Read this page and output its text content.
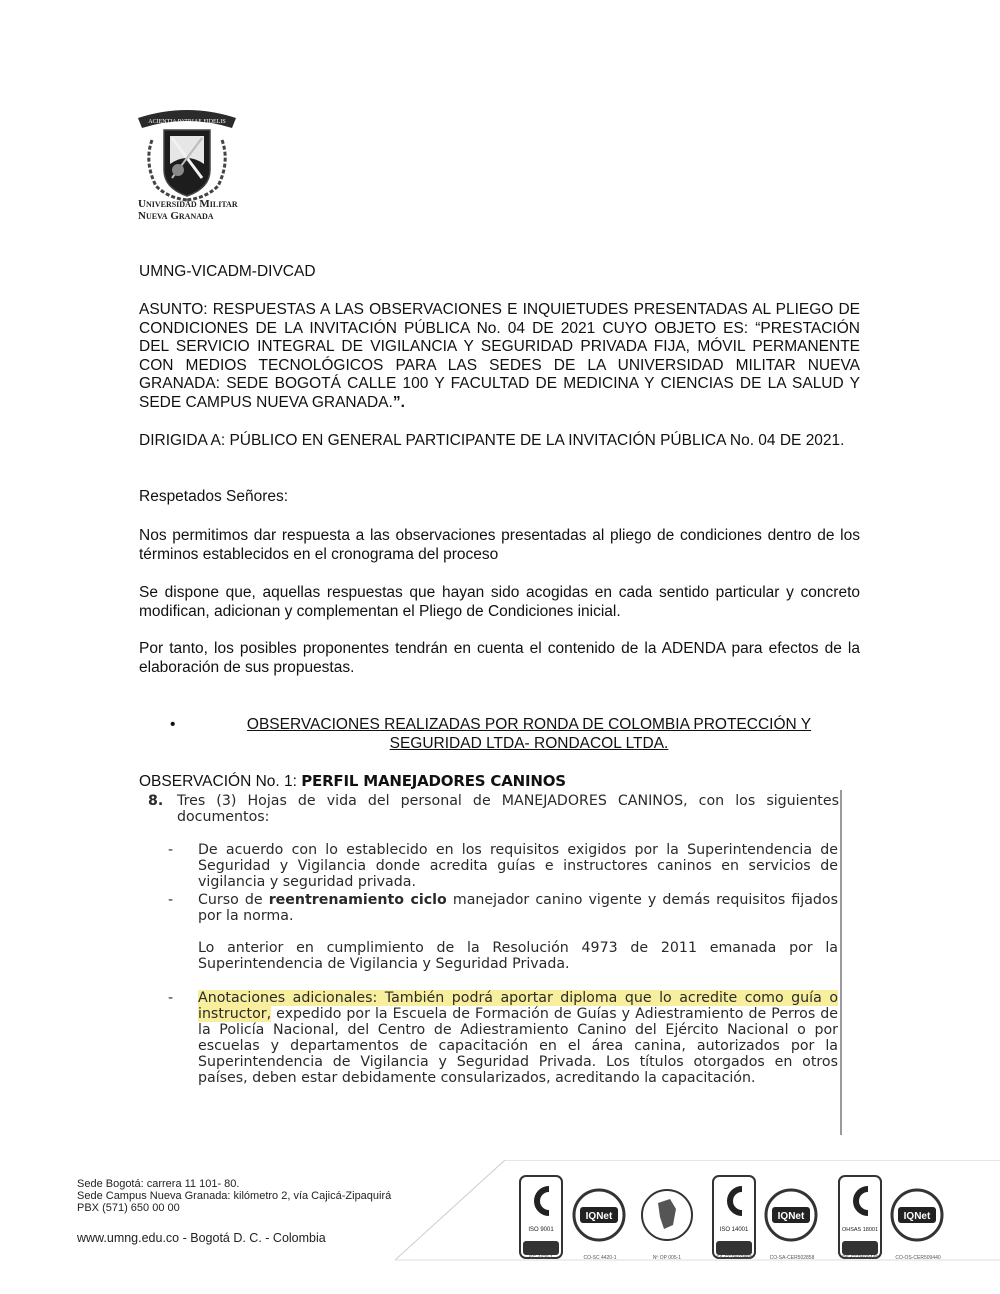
ACIENTIA PATRIAE FIDELIS
Universidad Militar
Nueva Granada
UMNG-VICADM-DIVCAD
ASUNTO: RESPUESTAS A LAS OBSERVACIONES E INQUIETUDES PRESENTADAS AL PLIEGO DE CONDICIONES DE LA INVITACIÓN PÚBLICA No. 04 DE 2021 CUYO OBJETO ES: “PRESTACIÓN DEL SERVICIO INTEGRAL DE VIGILANCIA Y SEGURIDAD PRIVADA FIJA, MÓVIL PERMANENTE CON MEDIOS TECNOLÓGICOS PARA LAS SEDES DE LA UNIVERSIDAD MILITAR NUEVA GRANADA: SEDE BOGOTÁ CALLE 100 Y FACULTAD DE MEDICINA Y CIENCIAS DE LA SALUD Y SEDE CAMPUS NUEVA GRANADA.”.
DIRIGIDA A: PÚBLICO EN GENERAL PARTICIPANTE DE LA INVITACIÓN PÚBLICA No. 04 DE 2021.
Respetados Señores:
Nos permitimos dar respuesta a las observaciones presentadas al pliego de condiciones dentro de los términos establecidos en el cronograma del proceso
Se dispone que, aquellas respuestas que hayan sido acogidas en cada sentido particular y concreto modifican, adicionan y complementan el Pliego de Condiciones inicial.
Por tanto, los posibles proponentes tendrán en cuenta el contenido de la ADENDA para efectos de la elaboración de sus propuestas.
•	OBSERVACIONES REALIZADAS POR RONDA DE COLOMBIA PROTECCIÓN Y SEGURIDAD LTDA- RONDACOL LTDA.
OBSERVACIÓN No. 1: PERFIL MANEJADORES CANINOS
8. Tres (3) Hojas de vida del personal de MANEJADORES CANINOS, con los siguientes documentos:
- De acuerdo con lo establecido en los requisitos exigidos por la Superintendencia de Seguridad y Vigilancia donde acredita guías e instructores caninos en servicios de vigilancia y seguridad privada.
- Curso de reentrenamiento ciclo manejador canino vigente y demás requisitos fijados por la norma.
Lo anterior en cumplimiento de la Resolución 4973 de 2011 emanada por la Superintendencia de Vigilancia y Seguridad Privada.
- Anotaciones adicionales: También podrá aportar diploma que lo acredite como guía o instructor, expedido por la Escuela de Formación de Guías y Adiestramiento de Perros de la Policía Nacional, del Centro de Adiestramiento Canino del Ejército Nacional o por escuelas y departamentos de capacitación en el área canina, autorizados por la Superintendencia de Vigilancia y Seguridad Privada. Los títulos otorgados en otros países, deben estar debidamente consularizados, acreditando la capacitación.
Sede Bogotá: carrera 11 101- 80.
Sede Campus Nueva Granada: kilómetro 2, vía Cajicá-Zipaquirá
PBX (571) 650 00 00
www.umng.edu.co - Bogotá D. C. - Colombia
ISO 9001
SC 4420-1
IQNet
CO-SC 4420-1	Nº OP 005-1
ISO 14001
SA-CER502858
IQNet
CO-SA-CER502858
OHSAS 18001
OS-CER509440
IQNet
CO-OS-CER509440
